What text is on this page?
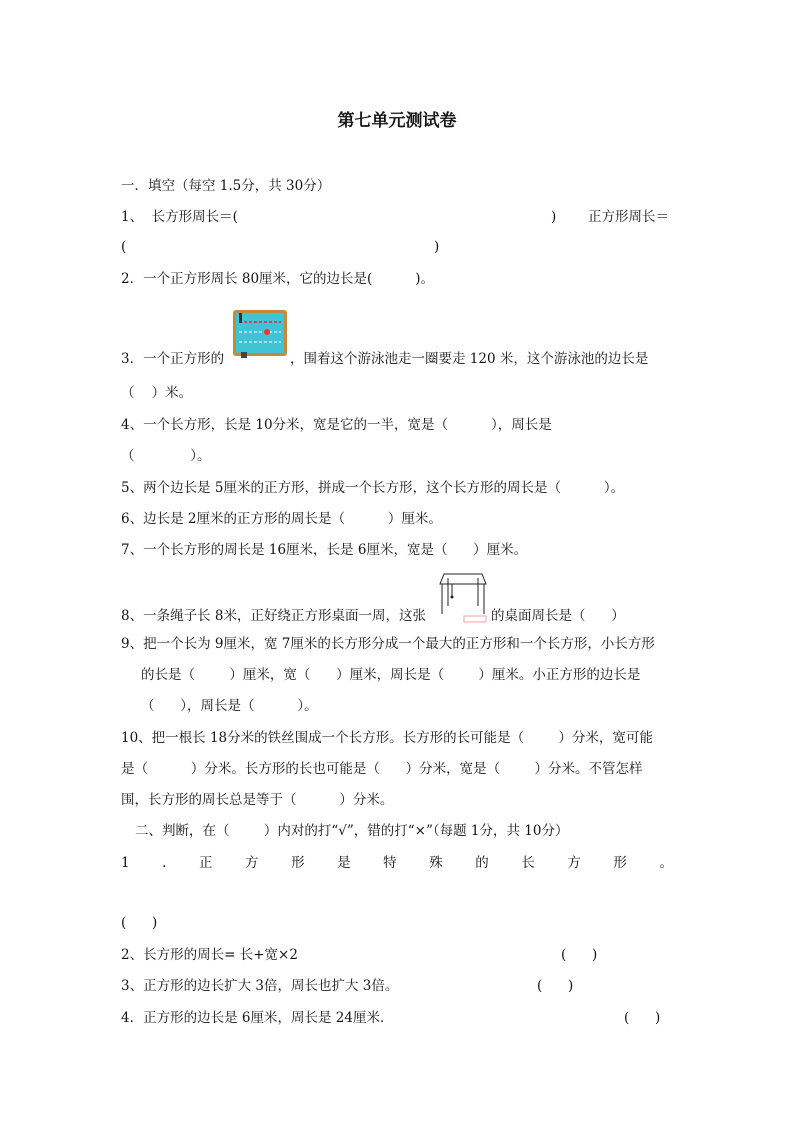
第七单元测试卷
一．填空（每空 1.5分，共 30分）
1、  长方形周长＝(	) 正方形周长＝
(	)
2．一个正方形周长 80厘米，它的边长是(          )。
3．一个正方形的	，围着这个游泳池走一圈要走 120 米，这个游泳池的边长是
（    ）米。
4、一个长方形，长是 10分米，宽是它的一半，宽是（          ），周长是
（             ）。
5、两个边长是 5厘米的正方形，拼成一个长方形，这个长方形的周长是（          ）。
6、边长是 2厘米的正方形的周长是（          ）厘米。
7、一个长方形的周长是 16厘米，长是 6厘米，宽是（      ）厘米。
8、一条绳子长 8米，正好绕正方形桌面一周，这张	的桌面周长是（      ）
9、把一个长为 9厘米，宽 7厘米的长方形分成一个最大的正方形和一个长方形，小长方形
的长是（        ）厘米，宽（      ）厘米，周长是（        ）厘米。小正方形的边长是
（      ），周长是（          ）。
10、把一根长 18分米的铁丝围成一个长方形。长方形的长可能是（        ）分米，宽可能
是（          ）分米。长方形的长也可能是（      ）分米，宽是（        ）分米。不管怎样
围，长方形的周长总是等于（          ）分米。
二、判断，在（        ）内对的打“√”，错的打“×”（每题 1分，共 10分）
1 . 正 方 形 是 特 殊 的 长 方 形 。
(      )
2、长方形的周长= 长+宽×2	(      )
3、正方形的边长扩大 3倍，周长也扩大 3倍。	(      )
4．正方形的边长是 6厘米，周长是 24厘米．	(      )
